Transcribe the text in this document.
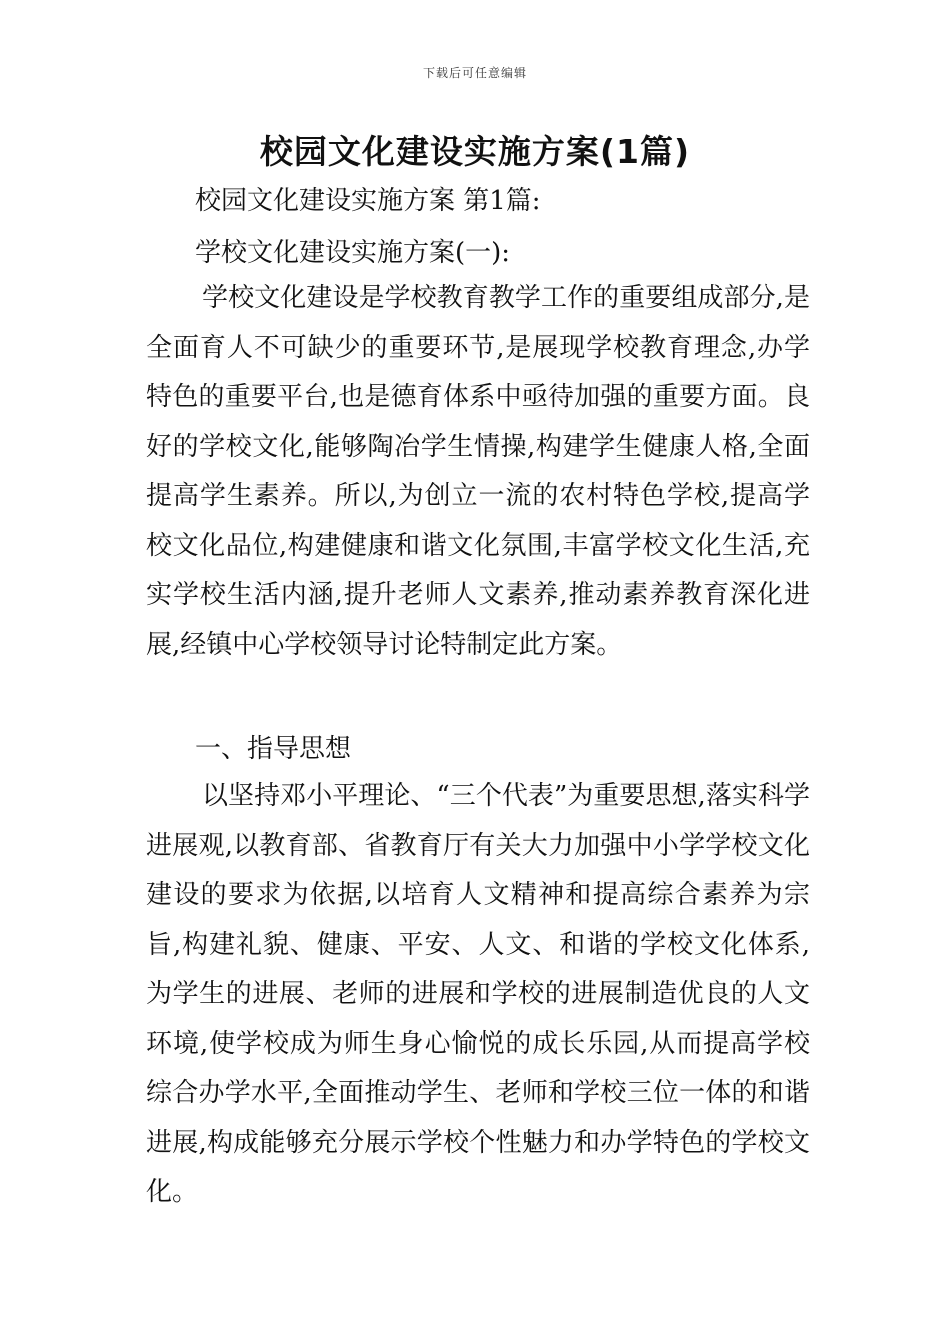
下载后可任意编辑
校园文化建设实施方案(1篇)
校园文化建设实施方案 第1篇:
学校文化建设实施方案(一):
学校文化建设是学校教育教学工作的重要组成部分,是全面育人不可缺少的重要环节,是展现学校教育理念,办学特色的重要平台,也是德育体系中亟待加强的重要方面。良好的学校文化,能够陶冶学生情操,构建学生健康人格,全面提高学生素养。所以,为创立一流的农村特色学校,提高学校文化品位,构建健康和谐文化氛围,丰富学校文化生活,充实学校生活内涵,提升老师人文素养,推动素养教育深化进展,经镇中心学校领导讨论特制定此方案。
一、指导思想
以坚持邓小平理论、“三个代表”为重要思想,落实科学进展观,以教育部、省教育厅有关大力加强中小学学校文化建设的要求为依据,以培育人文精神和提高综合素养为宗旨,构建礼貌、健康、平安、人文、和谐的学校文化体系,为学生的进展、老师的进展和学校的进展制造优良的人文环境,使学校成为师生身心愉悦的成长乐园,从而提高学校综合办学水平,全面推动学生、老师和学校三位一体的和谐进展,构成能够充分展示学校个性魅力和办学特色的学校文化。
